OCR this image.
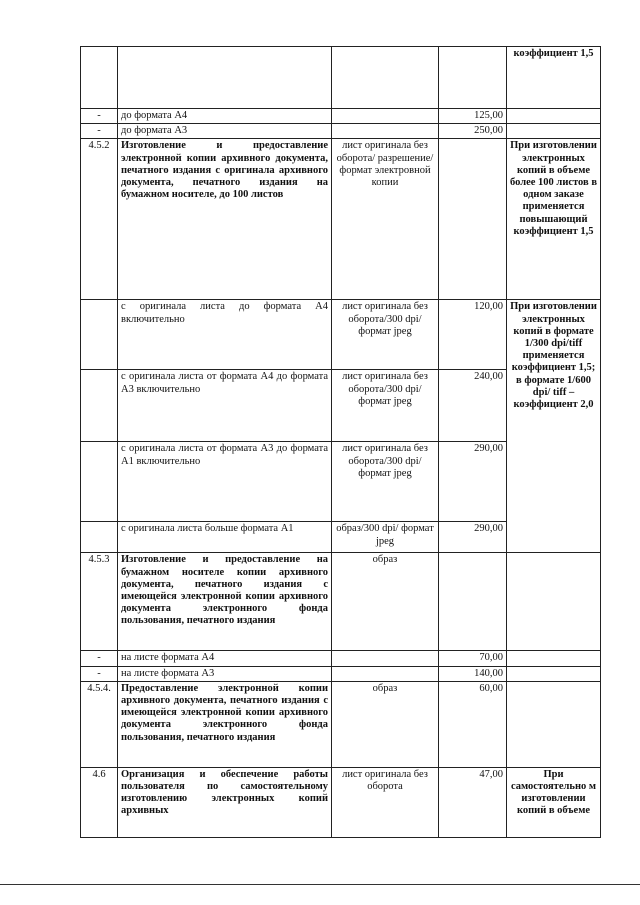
				коэффициент 1,5
-	до формата А4		125,00	
-	до формата А3		250,00	
4.5.2	Изготовление и предоставление электронной копии архивного документа, печатного издания с оригинала архивного документа, печатного издания на бумажном носителе, до 100 листов	лист оригинала без оборота/ разрешение/ формат электровной копии		При изготовлении электронных копий в объеме более 100 листов в одном заказе применяется повышающий коэффициент 1,5
	с оригинала листа до формата А4 включительно	лист оригинала без оборота/300 dpi/ формат jpeg	120,00	При изготовлении электронных копий в формате 1/300 dpi/tiff применяется коэффициент 1,5; в формате 1/600 dpi/ tiff – коэффициент 2,0
	с оригинала листа от формата А4 до формата А3 включительно	лист оригинала без оборота/300 dpi/ формат jpeg	240,00	
	с оригинала листа от формата А3 до формата А1 включительно	лист оригинала без оборота/300 dpi/ формат jpeg	290,00	
	с оригинала листа больше формата А1	образ/300 dpi/ формат jpeg	290,00	
4.5.3	Изготовление и предоставление на бумажном носителе копии архивного документа, печатного издания с имеющейся электронной копии архивного документа электронного фонда пользования, печатного издания	образ		
-	на листе формата А4		70,00	
-	на листе формата А3		140,00	
4.5.4.	Предоставление электронной копии архивного документа, печатного издания с имеющейся электронной копии архивного документа электронного фонда пользования, печатного издания	образ	60,00	
4.6	Организация и обеспечение работы пользователя по самостоятельному изготовлению электронных копий архивных	лист оригинала без оборота	47,00	При самостоятельно м изготовлении копий в объеме
